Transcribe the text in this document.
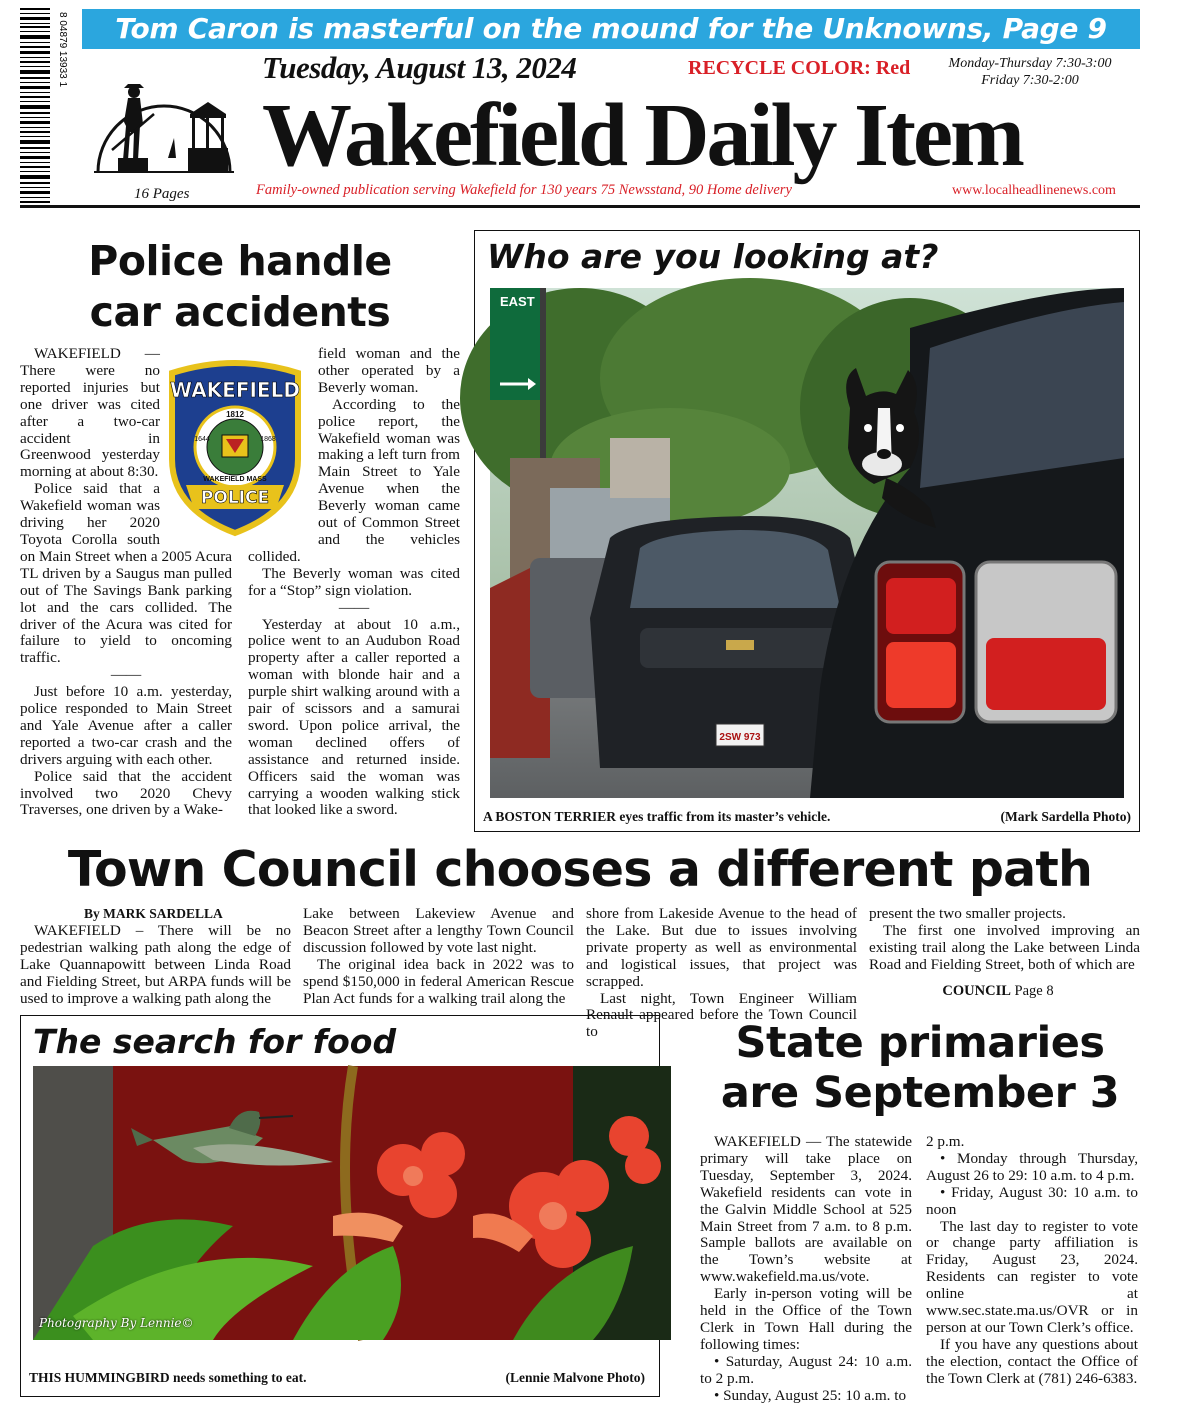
8 04879 13933 1	Tom Caron is masterful on the mound for the Unknowns, Page 9
16 Pages
Tuesday, August 13, 2024	RECYCLE COLOR: Red	Monday-Thursday 7:30-3:00
Friday 7:30-2:00
Wakefield Daily Item
Family-owned publication serving Wakefield for 130 years 75 Newsstand, 90 Home delivery	www.localheadlinenews.com
Police handle car accidents

WAKEFIELD — There were no reported injuries but one driver was cited after a two-car accident in Greenwood yesterday morning at about 8:30.

Police said that a Wakefield woman was driving her 2020 Toyota Corolla south on Main Street when a 2005 Acura TL driven by a Saugus man pulled out of The Savings Bank parking lot and the cars collided. The driver of the Acura was cited for failure to yield to oncoming traffic.

——

Just before 10 a.m. yesterday, police responded to Main Street and Yale Avenue after a caller reported a two-car crash and the drivers arguing with each other.

Police said that the accident involved two 2020 Chevy Traverses, one driven by a Wake-

field woman and the other operated by a Beverly woman.

According to the police report, the Wakefield woman was making a left turn from Main Street to Yale Avenue when the Beverly woman came out of Common Street and the vehicles collided.

The Beverly woman was cited for a “Stop” sign violation.

——

Yesterday at about 10 a.m., police went to an Audubon Road property after a caller reported a woman with blonde hair and a purple shirt walking around with a pair of scissors and a samurai sword. Upon police arrival, the woman declined offers of assistance and returned inside. Officers said the woman was carrying a wooden walking stick that looked like a sword.

WAKEFIELD
1812
1644	1868
WAKEFIELD MASS
POLICE
Who are you looking at?
EAST
2SW 973
A BOSTON TERRIER eyes traffic from its master’s vehicle.	(Mark Sardella Photo)
Town Council chooses a different path
By MARK SARDELLA

WAKEFIELD – There will be no pedestrian walking path along the edge of Lake Quannapowitt between Linda Road and Fielding Street, but ARPA funds will be used to improve a walking path along the

Lake between Lakeview Avenue and Beacon Street after a lengthy Town Council discussion followed by vote last night.

The original idea back in 2022 was to spend $150,000 in federal American Rescue Plan Act funds for a walking trail along the

shore from Lakeside Avenue to the head of the Lake. But due to issues involving private property as well as environmental and logistical issues, that project was scrapped.

Last night, Town Engineer William Renault appeared before the Town Council to

present the two smaller projects.

The first one involved improving an existing trail along the Lake between Linda Road and Fielding Street, both of which are

COUNCIL Page 8
The search for food
Photography By Lennie©
THIS HUMMINGBIRD needs something to eat.	(Lennie Malvone Photo)
State primaries are September 3

WAKEFIELD — The statewide primary will take place on Tuesday, September 3, 2024. Wakefield residents can vote in the Galvin Middle School at 525 Main Street from 7 a.m. to 8 p.m. Sample ballots are available on the Town’s website at www.wakefield.ma.us/vote.

Early in-person voting will be held in the Office of the Town Clerk in Town Hall during the following times:

• Saturday, August 24: 10 a.m. to 2 p.m.

• Sunday, August 25: 10 a.m. to

2 p.m.

• Monday through Thursday, August 26 to 29: 10 a.m. to 4 p.m.

• Friday, August 30: 10 a.m. to noon

The last day to register to vote or change party affiliation is Friday, August 23, 2024. Residents can register to vote online at www.sec.state.ma.us/OVR or in person at our Town Clerk’s office.

If you have any questions about the election, contact the Office of the Town Clerk at (781) 246-6383.
